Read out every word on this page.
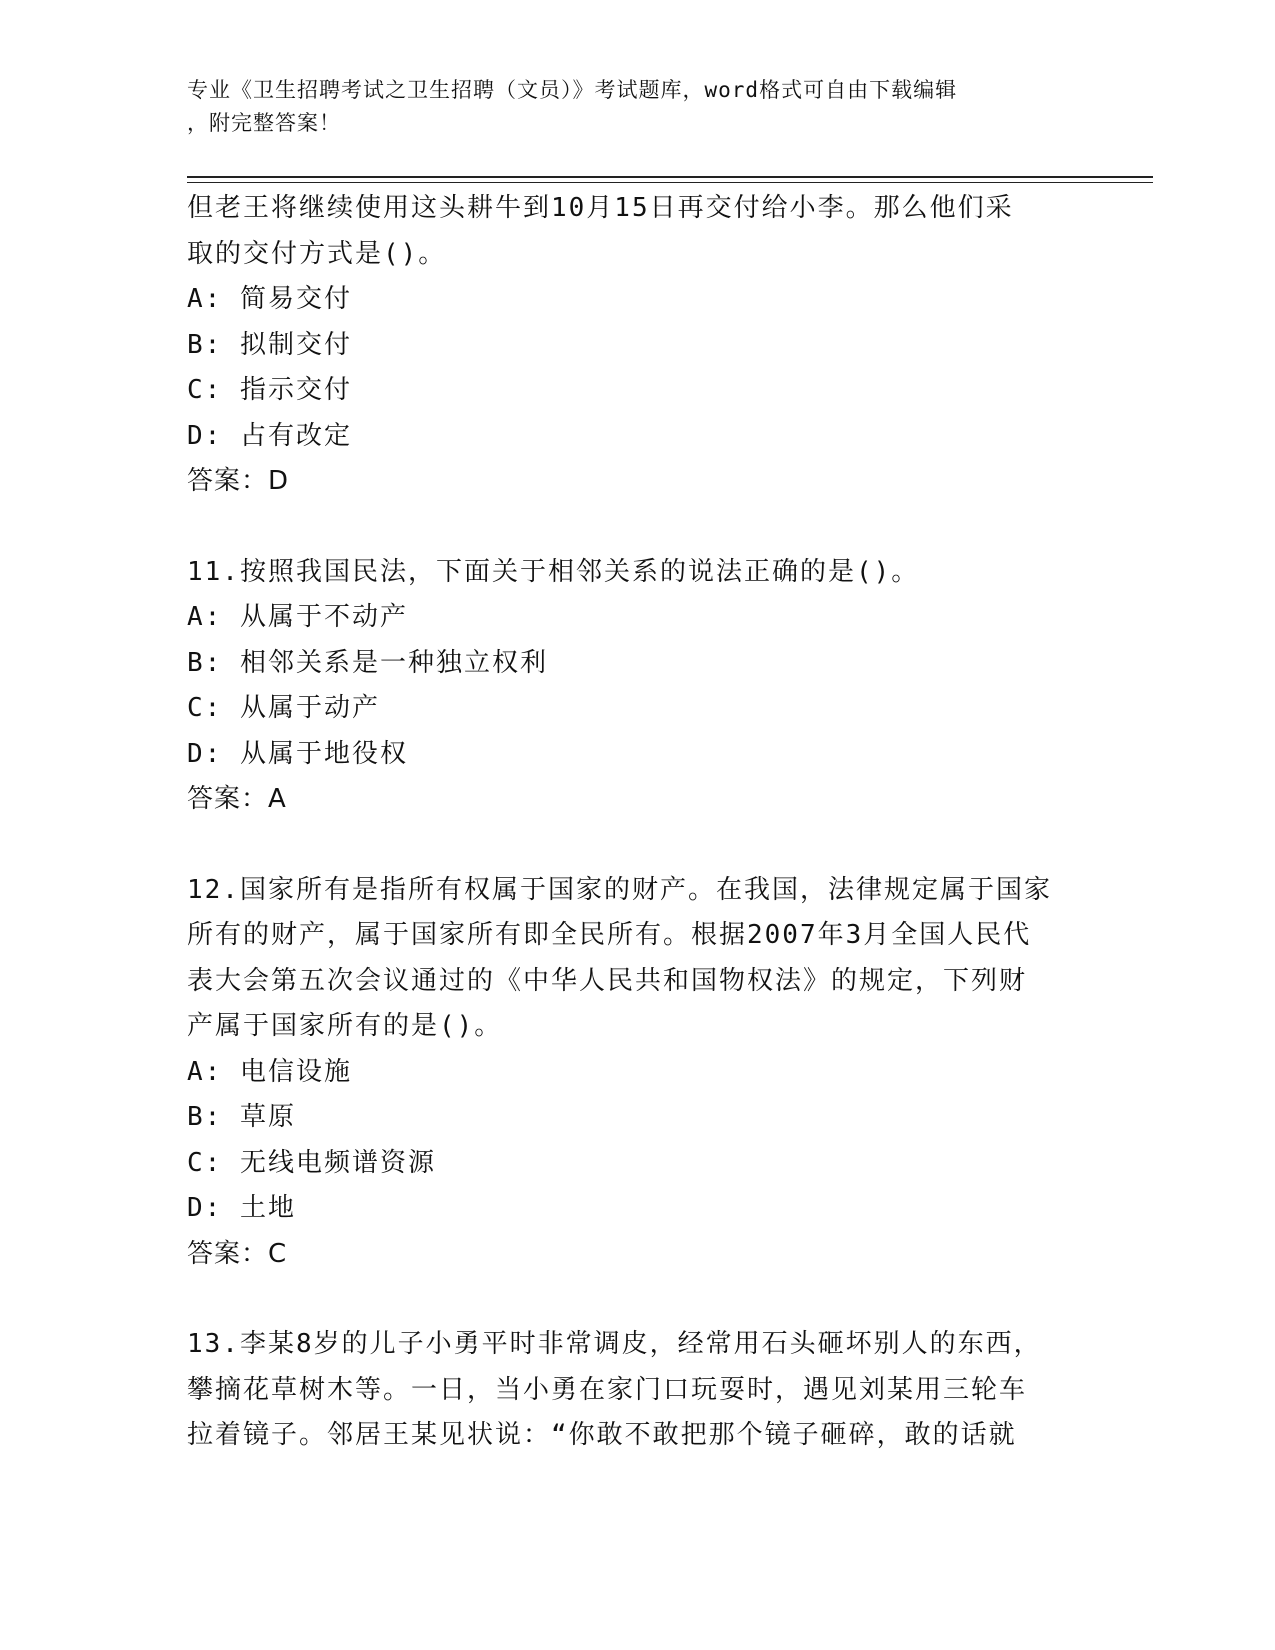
专业《卫生招聘考试之卫生招聘（文员）》考试题库，word格式可自由下载编辑
，附完整答案！

但老王将继续使用这头耕牛到10月15日再交付给小李。那么他们采

取的交付方式是()。

A: 简易交付

B: 拟制交付

C: 指示交付

D: 占有改定

答案：D

11.按照我国民法，下面关于相邻关系的说法正确的是()。

A: 从属于不动产

B: 相邻关系是一种独立权利

C: 从属于动产

D: 从属于地役权

答案：A

12.国家所有是指所有权属于国家的财产。在我国，法律规定属于国家

所有的财产，属于国家所有即全民所有。根据2007年3月全国人民代

表大会第五次会议通过的《中华人民共和国物权法》的规定，下列财

产属于国家所有的是()。

A: 电信设施

B: 草原

C: 无线电频谱资源

D: 土地

答案：C

13.李某8岁的儿子小勇平时非常调皮，经常用石头砸坏别人的东西，

攀摘花草树木等。一日，当小勇在家门口玩耍时，遇见刘某用三轮车

拉着镜子。邻居王某见状说：“你敢不敢把那个镜子砸碎，敢的话就
